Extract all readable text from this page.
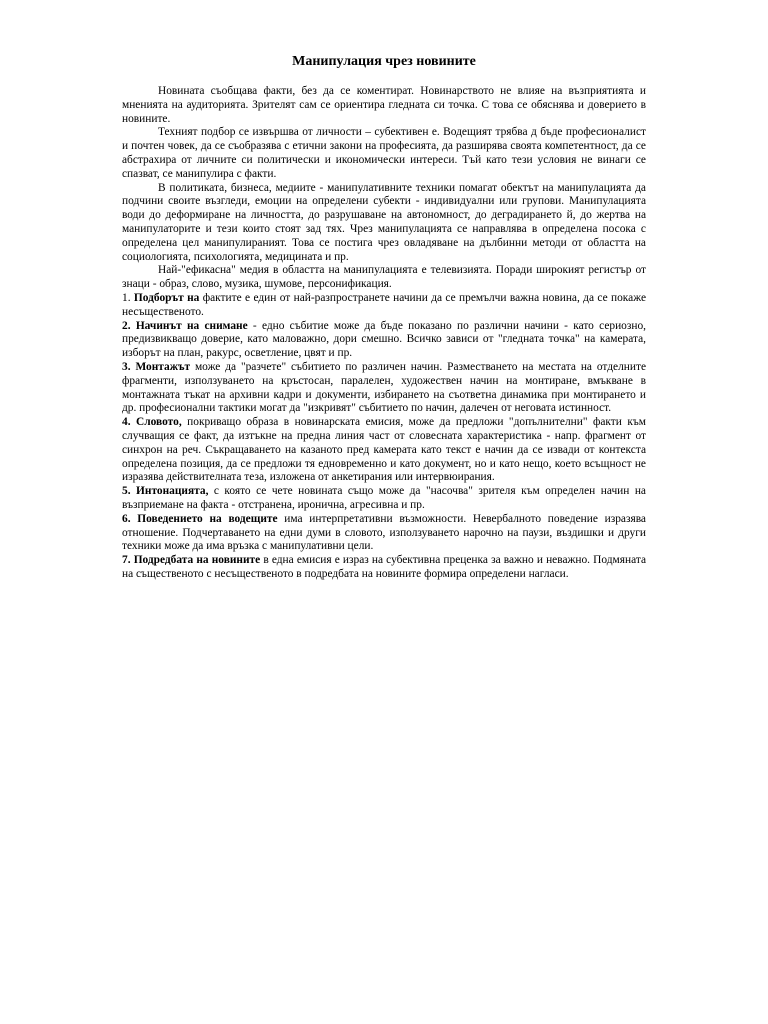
Манипулация чрез новините

Новината съобщава факти, без да се коментират. Новинарството не влияе на възприятията и мненията на аудиторията. Зрителят сам се ориентира гледната си точка. С това се обяснява и доверието в новините.

Техният подбор се извършва от личности – субективен е. Водещият трябва д бъде професионалист и почтен човек, да се съобразява с етични закони на професията, да разширява своята компетентност, да се абстрахира от личните си политически и икономически интереси. Тъй като тези условия не винаги се спазват, се манипулира с факти.

В политиката, бизнеса, медиите - манипулативните техники помагат обектът на манипулацията да подчини своите възгледи, емоции на определени субекти - индивидуални или групови. Манипулацията води до деформиране на личността, до разрушаване на автономност, до деградирането й, до жертва на манипулаторите и тези които стоят зад тях. Чрез манипулацията се направлява в определена посока с определена цел манипулираният. Това се постига чрез овладяване на дълбинни методи от областта на социологията, психологията, медицината и пр.

Най-"ефикасна" медия в областта на манипулацията е телевизията. Поради широкият регистър от знаци - образ, слово, музика, шумове, персонификация.

1. Подборът на фактите е един от най-разпространете начини да се премълчи важна новина, да се покаже несъщественото.

2. Начинът на снимане - едно събитие може да бъде показано по различни начини - като сериозно, предизвикващо доверие, като маловажно, дори смешно. Всичко зависи от "гледната точка" на камерата, изборът на план, ракурс, осветление, цвят и пр.

3. Монтажът може да "разчете" събитието по различен начин. Разместването на местата на отделните фрагменти, използуването на кръстосан, паралелен, художествен начин на монтиране, вмъкване в монтажната тъкат на архивни кадри и документи, избирането на съответна динамика при монтирането и др. професионални тактики могат да "изкривят" събитието по начин, далечен от неговата истинност.

4. Словото, покриващо образа в новинарската емисия, може да предложи "допълнителни" факти към случващия се факт, да изтъкне на предна линия част от словесната характеристика - напр. фрагмент от синхрон на реч. Съкращаването на казаното пред камерата като текст е начин да се извади от контекста определена позиция, да се предложи тя едновременно и като документ, но и като нещо, което всъщност не изразява действителната теза, изложена от анкетирания или интервюирания.

5. Интонацията, с която се чете новината също може да "насочва" зрителя към определен начин на възприемане на факта - отстранена, иронична, агресивна и пр.

6. Поведението на водещите има интерпретативни възможности. Невербалното поведение изразява отношение. Подчертаването на едни думи в словото, използуването нарочно на паузи, въздишки и други техники може да има връзка с манипулативни цели.

7. Подредбата на новините в една емисия е израз на субективна преценка за важно и неважно. Подмяната на същественото с несъщественото в подредбата на новините формира определени нагласи.
